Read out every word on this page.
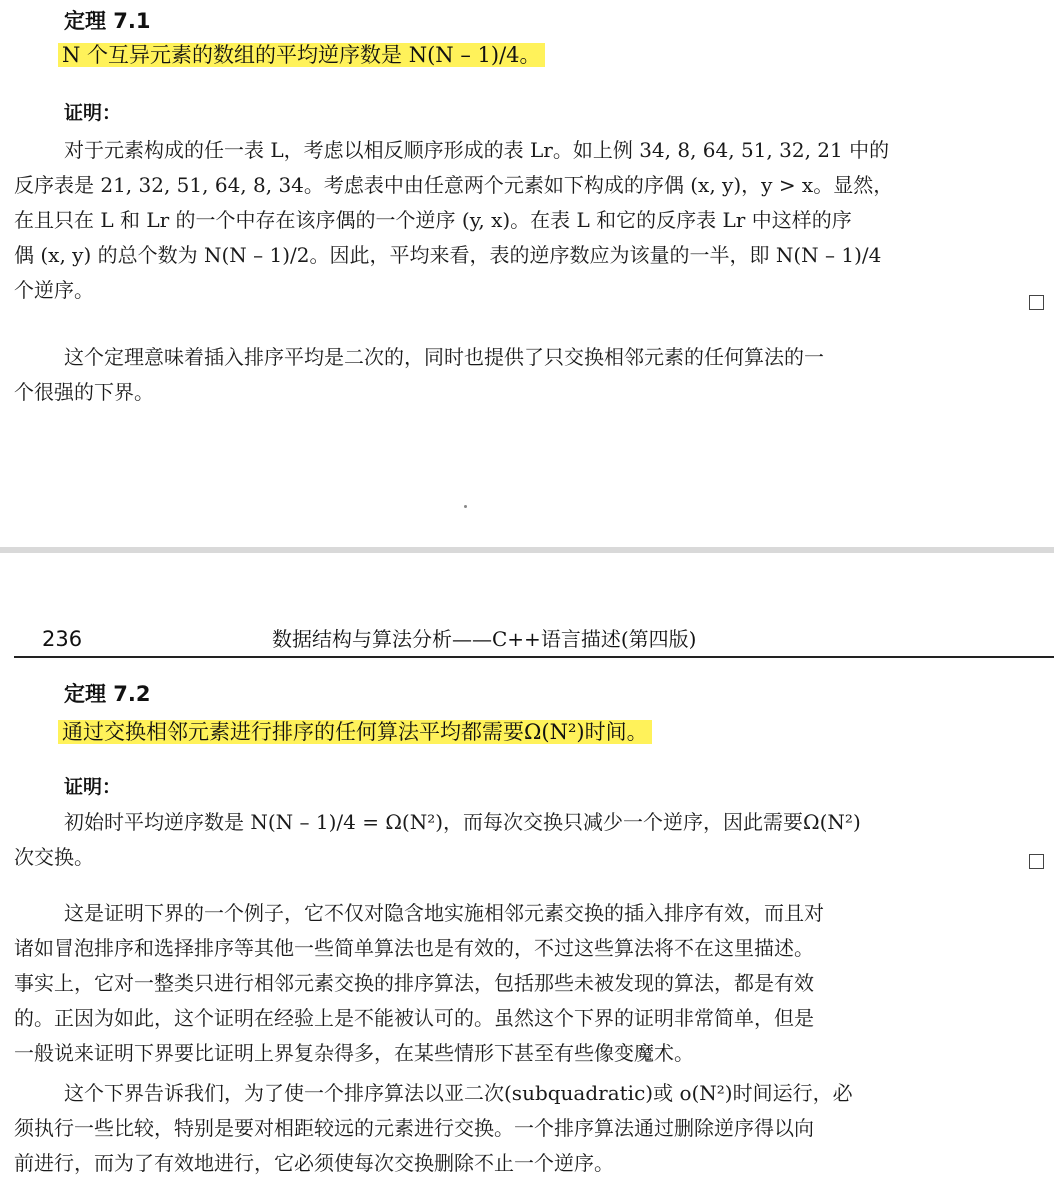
定理 7.1
N 个互异元素的数组的平均逆序数是 N(N – 1)/4。
证明：
对于元素构成的任一表 L，考虑以相反顺序形成的表 Lr。如上例 34, 8, 64, 51, 32, 21 中的
反序表是 21, 32, 51, 64, 8, 34。考虑表中由任意两个元素如下构成的序偶 (x, y)，y > x。显然，
在且只在 L 和 Lr 的一个中存在该序偶的一个逆序 (y, x)。在表 L 和它的反序表 Lr 中这样的序
偶 (x, y) 的总个数为 N(N – 1)/2。因此，平均来看，表的逆序数应为该量的一半，即 N(N – 1)/4
个逆序。
这个定理意味着插入排序平均是二次的，同时也提供了只交换相邻元素的任何算法的一
个很强的下界。
236	数据结构与算法分析——C++语言描述(第四版)
定理 7.2
通过交换相邻元素进行排序的任何算法平均都需要Ω(N²)时间。
证明：
初始时平均逆序数是 N(N – 1)/4 = Ω(N²)，而每次交换只减少一个逆序，因此需要Ω(N²)
次交换。
这是证明下界的一个例子，它不仅对隐含地实施相邻元素交换的插入排序有效，而且对
诸如冒泡排序和选择排序等其他一些简单算法也是有效的，不过这些算法将不在这里描述。
事实上，它对一整类只进行相邻元素交换的排序算法，包括那些未被发现的算法，都是有效
的。正因为如此，这个证明在经验上是不能被认可的。虽然这个下界的证明非常简单，但是
一般说来证明下界要比证明上界复杂得多，在某些情形下甚至有些像变魔术。
这个下界告诉我们，为了使一个排序算法以亚二次(subquadratic)或 o(N²)时间运行，必
须执行一些比较，特别是要对相距较远的元素进行交换。一个排序算法通过删除逆序得以向
前进行，而为了有效地进行，它必须使每次交换删除不止一个逆序。
